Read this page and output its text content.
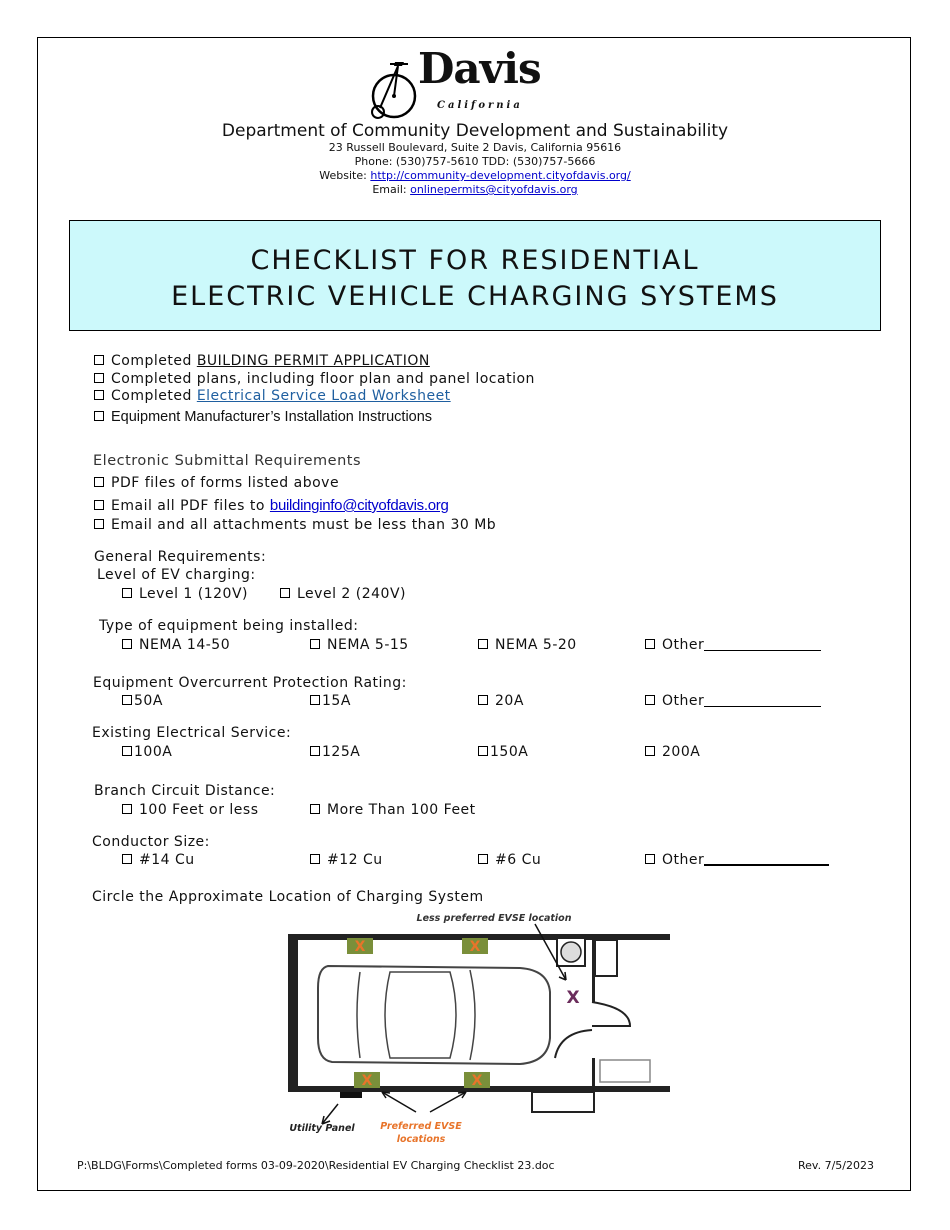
Davis
California
Department of Community Development and Sustainability
23 Russell Boulevard, Suite 2 Davis, California 95616
Phone: (530)757-5610 TDD: (530)757-5666
Website: http://community-development.cityofdavis.org/
Email: onlinepermits@cityofdavis.org
CHECKLIST FOR RESIDENTIAL
ELECTRIC VEHICLE CHARGING SYSTEMS
Completed BUILDING PERMIT APPLICATION
Completed plans, including floor plan and panel location
Completed Electrical Service Load Worksheet
Equipment Manufacturer’s Installation Instructions
Electronic Submittal Requirements
PDF files of forms listed above
Email all PDF files to buildinginfo@cityofdavis.org
Email and all attachments must be less than 30 Mb
General Requirements:
Level of EV charging:
Level 1 (120V)	Level 2 (240V)
Type of equipment being installed:
NEMA 14-50	NEMA 5-15	NEMA 5-20	Other
Equipment Overcurrent Protection Rating:
50A	15A	20A	Other
Existing Electrical Service:
100A	125A	150A	200A
Branch Circuit Distance:
100 Feet or less	More Than 100 Feet
Conductor Size:
#14 Cu	#12 Cu	#6 Cu	Other
Circle the Approximate Location of Charging System
X	X
X	X
X
Less preferred EVSE location
Utility Panel	Preferred EVSE
locations
P:\BLDG\Forms\Completed forms 03-09-2020\Residential EV Charging Checklist 23.doc	Rev. 7/5/2023
